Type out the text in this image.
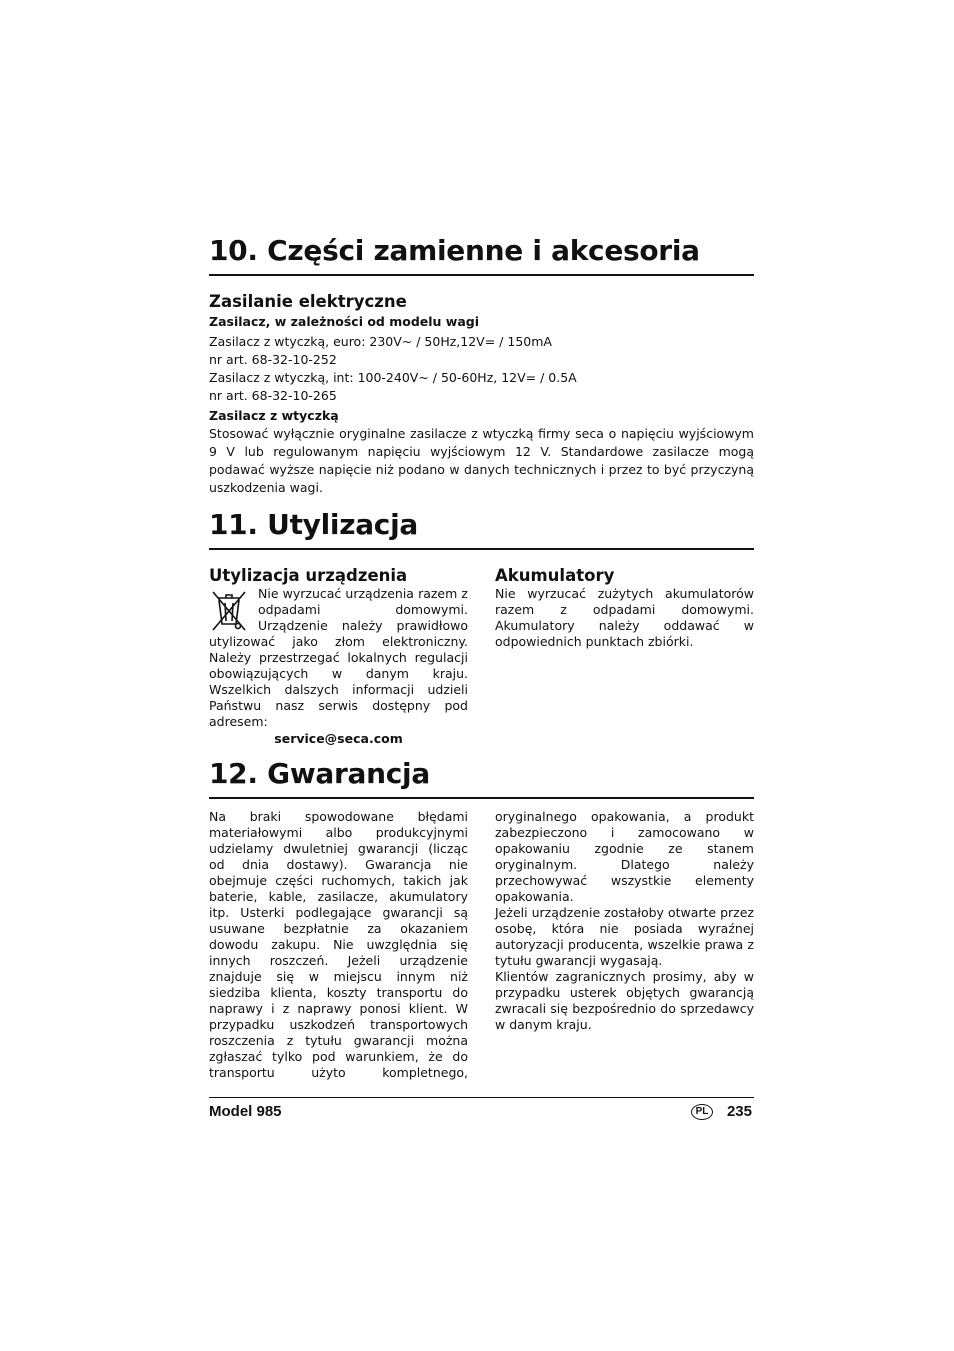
10. Części zamienne i akcesoria
Zasilanie elektryczne
Zasilacz, w zależności od modelu wagi

Zasilacz z wtyczką, euro: 230V~ / 50Hz,12V= / 150mA

nr art. 68-32-10-252

Zasilacz z wtyczką, int: 100-240V~ / 50-60Hz, 12V= / 0.5A

nr art. 68-32-10-265

Zasilacz z wtyczką

Stosować wyłącznie oryginalne zasilacze z wtyczką firmy seca o napięciu wyjściowym 9 V lub regulowanym napięciu wyjściowym 12 V. Standardowe zasilacze mogą podawać wyższe napięcie niż podano w danych technicznych i przez to być przyczyną uszkodzenia wagi.

11. Utylizacja
Utylizacja urządzenia

Nie wyrzucać urządzenia razem z odpadami domowymi. Urządzenie należy prawidłowo utylizować jako złom elektroniczny. Należy przestrzegać lokalnych regulacji obowiązujących w danym kraju. Wszelkich dalszych informacji udzieli Państwu nasz serwis dostępny pod adresem:

service@seca.com
Akumulatory

Nie wyrzucać zużytych akumulatorów razem z odpadami domowymi. Akumulatory należy oddawać w odpowiednich punktach zbiórki.

12. Gwarancja

Na braki spowodowane błędami materiałowymi albo produkcyjnymi udzielamy dwuletniej gwarancji (licząc od dnia dostawy). Gwarancja nie obejmuje części ruchomych, takich jak baterie, kable, zasilacze, akumulatory itp. Usterki podlegające gwarancji są usuwane bezpłatnie za okazaniem dowodu zakupu. Nie uwzględnia się innych roszczeń. Jeżeli urządzenie znajduje się w miejscu innym niż siedziba klienta, koszty transportu do naprawy i z naprawy ponosi klient. W przypadku uszkodzeń transportowych roszczenia z tytułu gwarancji można zgłaszać tylko pod warunkiem, że do transportu użyto kompletnego,

oryginalnego opakowania, a produkt zabezpieczono i zamocowano w opakowaniu zgodnie ze stanem oryginalnym. Dlatego należy przechowywać wszystkie elementy opakowania.

Jeżeli urządzenie zostałoby otwarte przez osobę, która nie posiada wyraźnej autoryzacji producenta, wszelkie prawa z tytułu gwarancji wygasają.

Klientów zagranicznych prosimy, aby w przypadku usterek objętych gwarancją zwracali się bezpośrednio do sprzedawcy w danym kraju.

Model 985	PL	235
